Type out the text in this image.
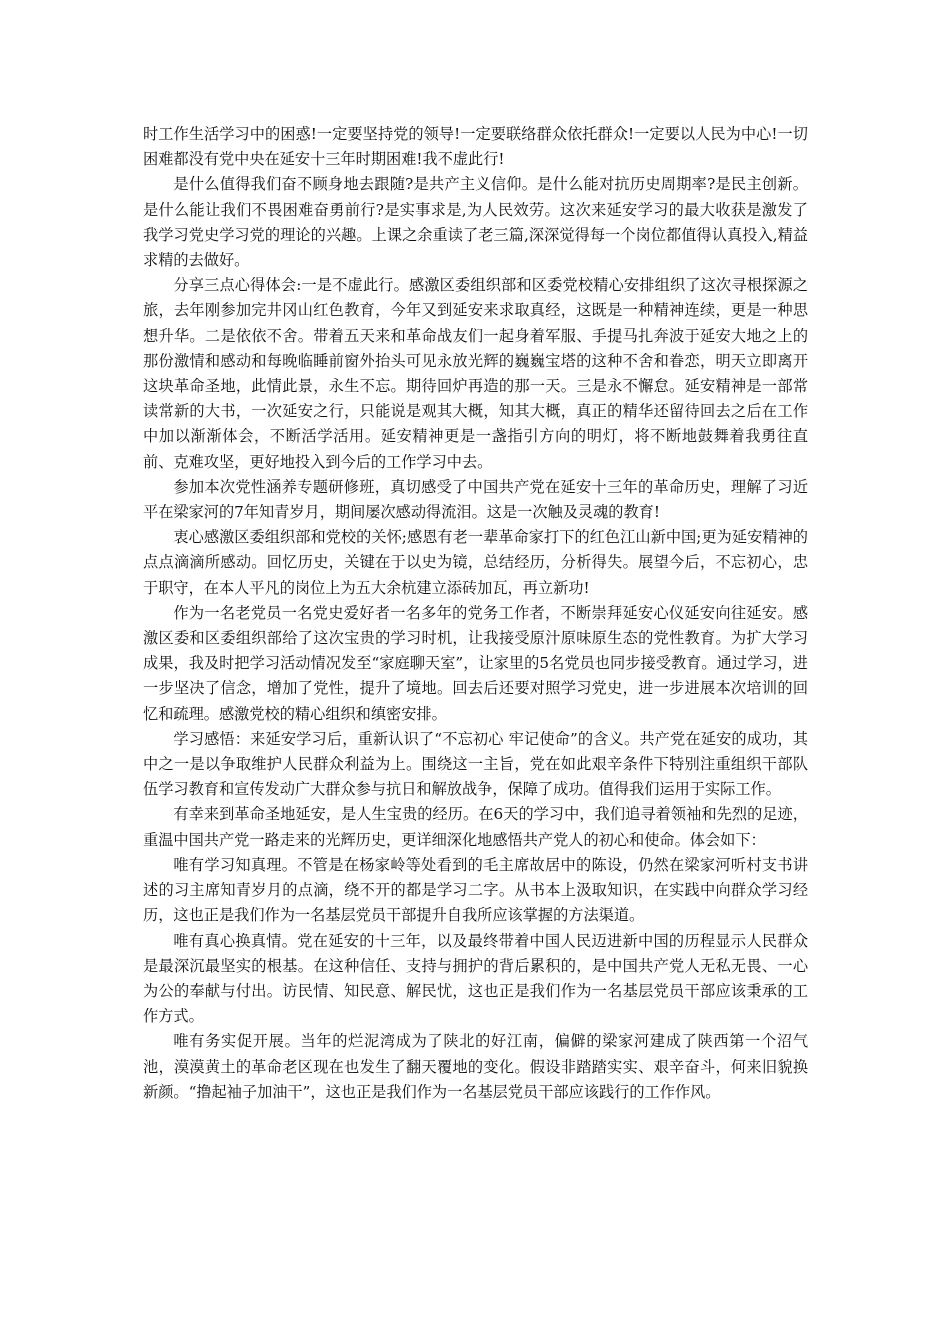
时工作生活学习中的困惑!一定要坚持党的领导!一定要联络群众依托群众!一定要以人民为中心!一切困难都没有党中央在延安十三年时期困难!我不虚此行!

是什么值得我们奋不顾身地去跟随?是共产主义信仰。是什么能对抗历史周期率?是民主创新。是什么能让我们不畏困难奋勇前行?是实事求是,为人民效劳。这次来延安学习的最大收获是激发了我学习党史学习党的理论的兴趣。上课之余重读了老三篇,深深觉得每一个岗位都值得认真投入,精益求精的去做好。

分享三点心得体会:一是不虚此行。感激区委组织部和区委党校精心安排组织了这次寻根探源之旅，去年刚参加完井冈山红色教育，今年又到延安来求取真经，这既是一种精神连续，更是一种思想升华。二是依依不舍。带着五天来和革命战友们一起身着军服、手提马扎奔波于延安大地之上的那份激情和感动和每晚临睡前窗外抬头可见永放光辉的巍巍宝塔的这种不舍和眷恋，明天立即离开这块革命圣地，此情此景，永生不忘。期待回炉再造的那一天。三是永不懈怠。延安精神是一部常读常新的大书，一次延安之行，只能说是观其大概，知其大概，真正的精华还留待回去之后在工作中加以渐渐体会，不断活学活用。延安精神更是一盏指引方向的明灯，将不断地鼓舞着我勇往直前、克难攻坚，更好地投入到今后的工作学习中去。

参加本次党性涵养专题研修班，真切感受了中国共产党在延安十三年的革命历史，理解了习近平在梁家河的7年知青岁月，期间屡次感动得流泪。这是一次触及灵魂的教育!

衷心感激区委组织部和党校的关怀;感恩有老一辈革命家打下的红色江山新中国;更为延安精神的点点滴滴所感动。回忆历史，关键在于以史为镜，总结经历，分析得失。展望今后，不忘初心，忠于职守，在本人平凡的岗位上为五大余杭建立添砖加瓦，再立新功!

作为一名老党员一名党史爱好者一名多年的党务工作者，不断崇拜延安心仪延安向往延安。感激区委和区委组织部给了这次宝贵的学习时机，让我接受原汁原味原生态的党性教育。为扩大学习成果，我及时把学习活动情况发至“家庭聊天室”，让家里的5名党员也同步接受教育。通过学习，进一步坚决了信念，增加了党性，提升了境地。回去后还要对照学习党史，进一步进展本次培训的回忆和疏理。感激党校的精心组织和缜密安排。

学习感悟：来延安学习后，重新认识了“不忘初心 牢记使命”的含义。共产党在延安的成功，其中之一是以争取维护人民群众利益为上。围绕这一主旨，党在如此艰辛条件下特别注重组织干部队伍学习教育和宣传发动广大群众参与抗日和解放战争，保障了成功。值得我们运用于实际工作。

有幸来到革命圣地延安，是人生宝贵的经历。在6天的学习中，我们追寻着领袖和先烈的足迹，重温中国共产党一路走来的光辉历史，更详细深化地感悟共产党人的初心和使命。体会如下：

唯有学习知真理。不管是在杨家岭等处看到的毛主席故居中的陈设，仍然在梁家河听村支书讲述的习主席知青岁月的点滴，绕不开的都是学习二字。从书本上汲取知识，在实践中向群众学习经历，这也正是我们作为一名基层党员干部提升自我所应该掌握的方法渠道。

唯有真心换真情。党在延安的十三年，以及最终带着中国人民迈进新中国的历程显示人民群众是最深沉最坚实的根基。在这种信任、支持与拥护的背后累积的，是中国共产党人无私无畏、一心为公的奉献与付出。访民情、知民意、解民忧，这也正是我们作为一名基层党员干部应该秉承的工作方式。

唯有务实促开展。当年的烂泥湾成为了陕北的好江南，偏僻的梁家河建成了陕西第一个沼气池，漠漠黄土的革命老区现在也发生了翻天覆地的变化。假设非踏踏实实、艰辛奋斗，何来旧貌换新颜。“撸起袖子加油干”，这也正是我们作为一名基层党员干部应该践行的工作作风。
